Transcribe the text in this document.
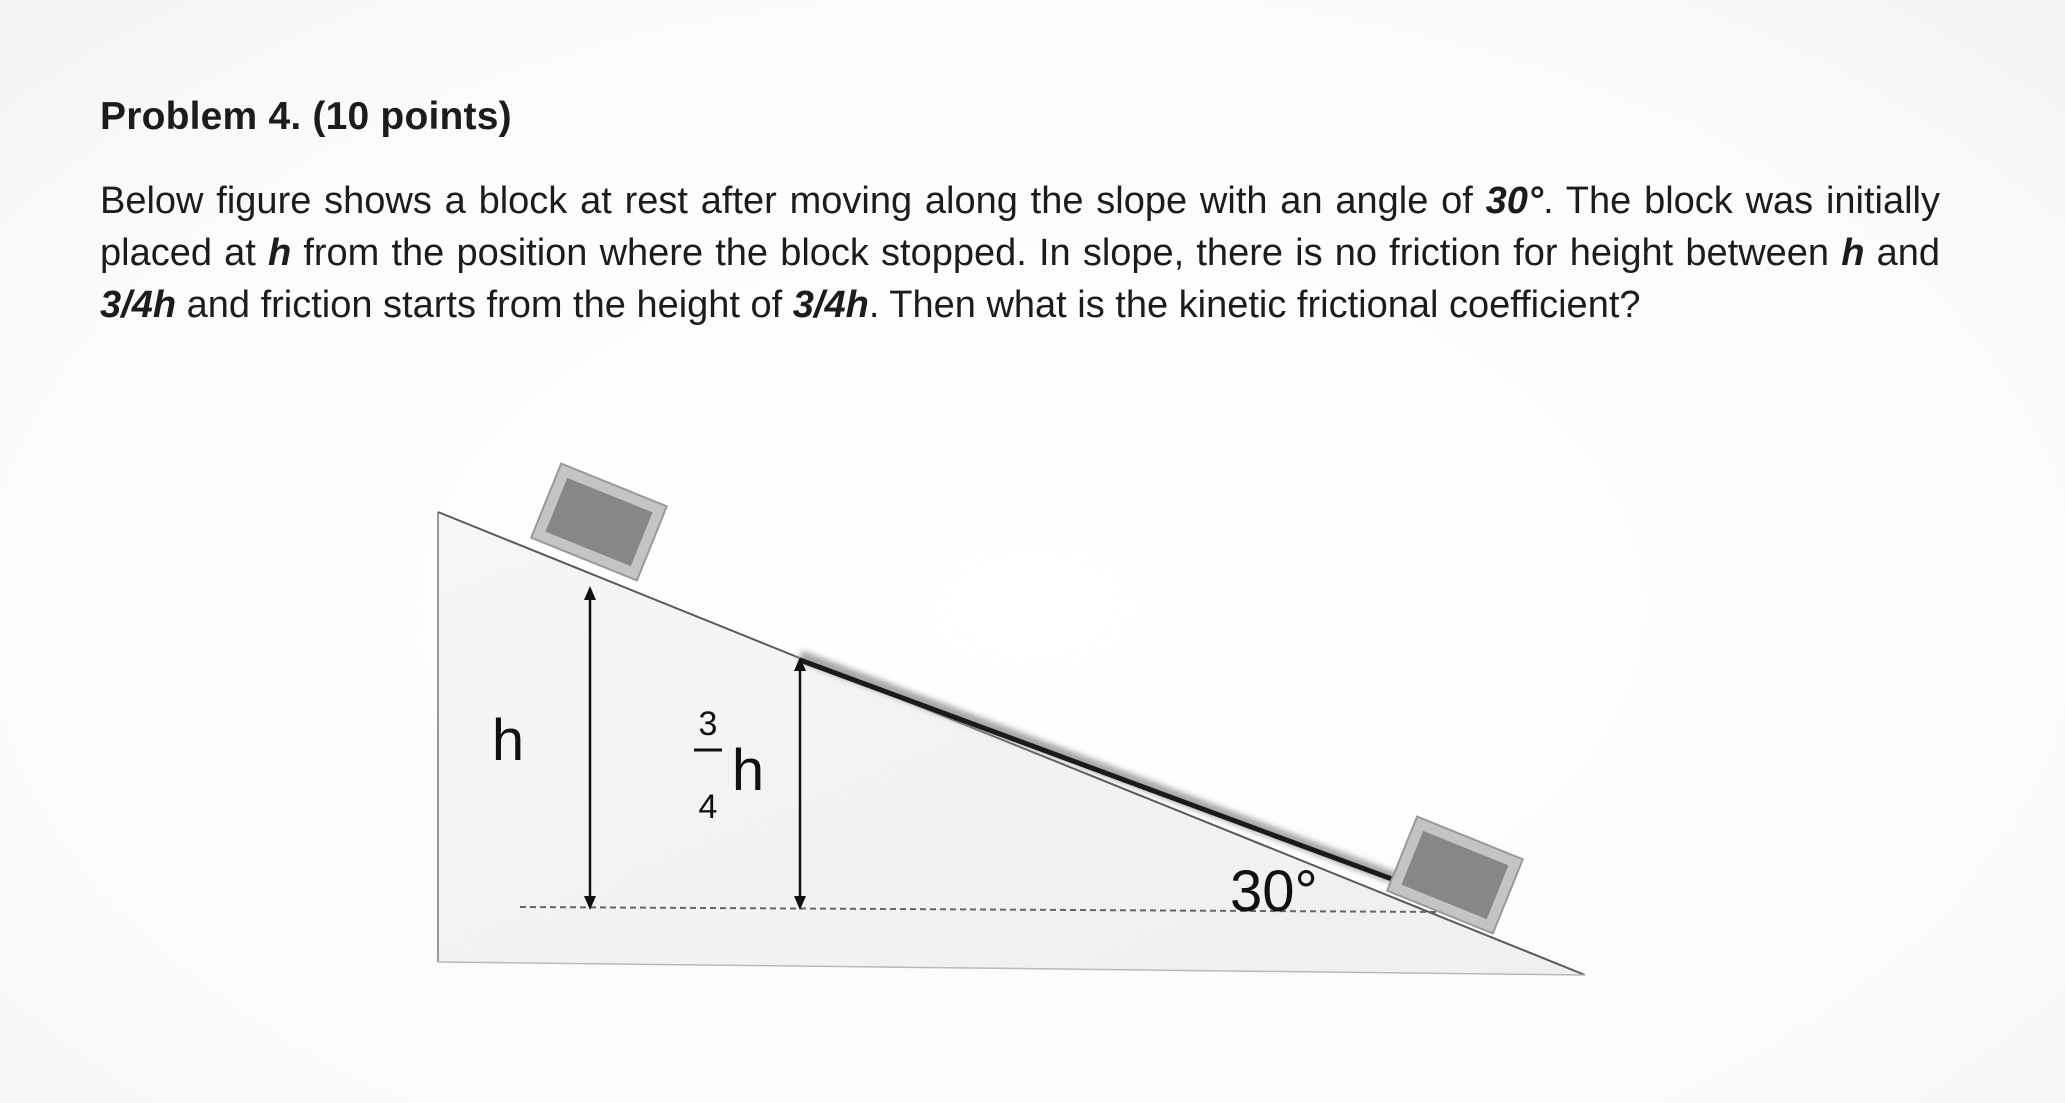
Problem 4. (10 points)
Below figure shows a block at rest after moving along the slope with an angle of 30°. The block was initially placed at h from the position where the block stopped. In slope, there is no friction for height between h and 3/4h and friction starts from the height of 3/4h. Then what is the kinetic frictional coefficient?
h	3
4
h
30°
